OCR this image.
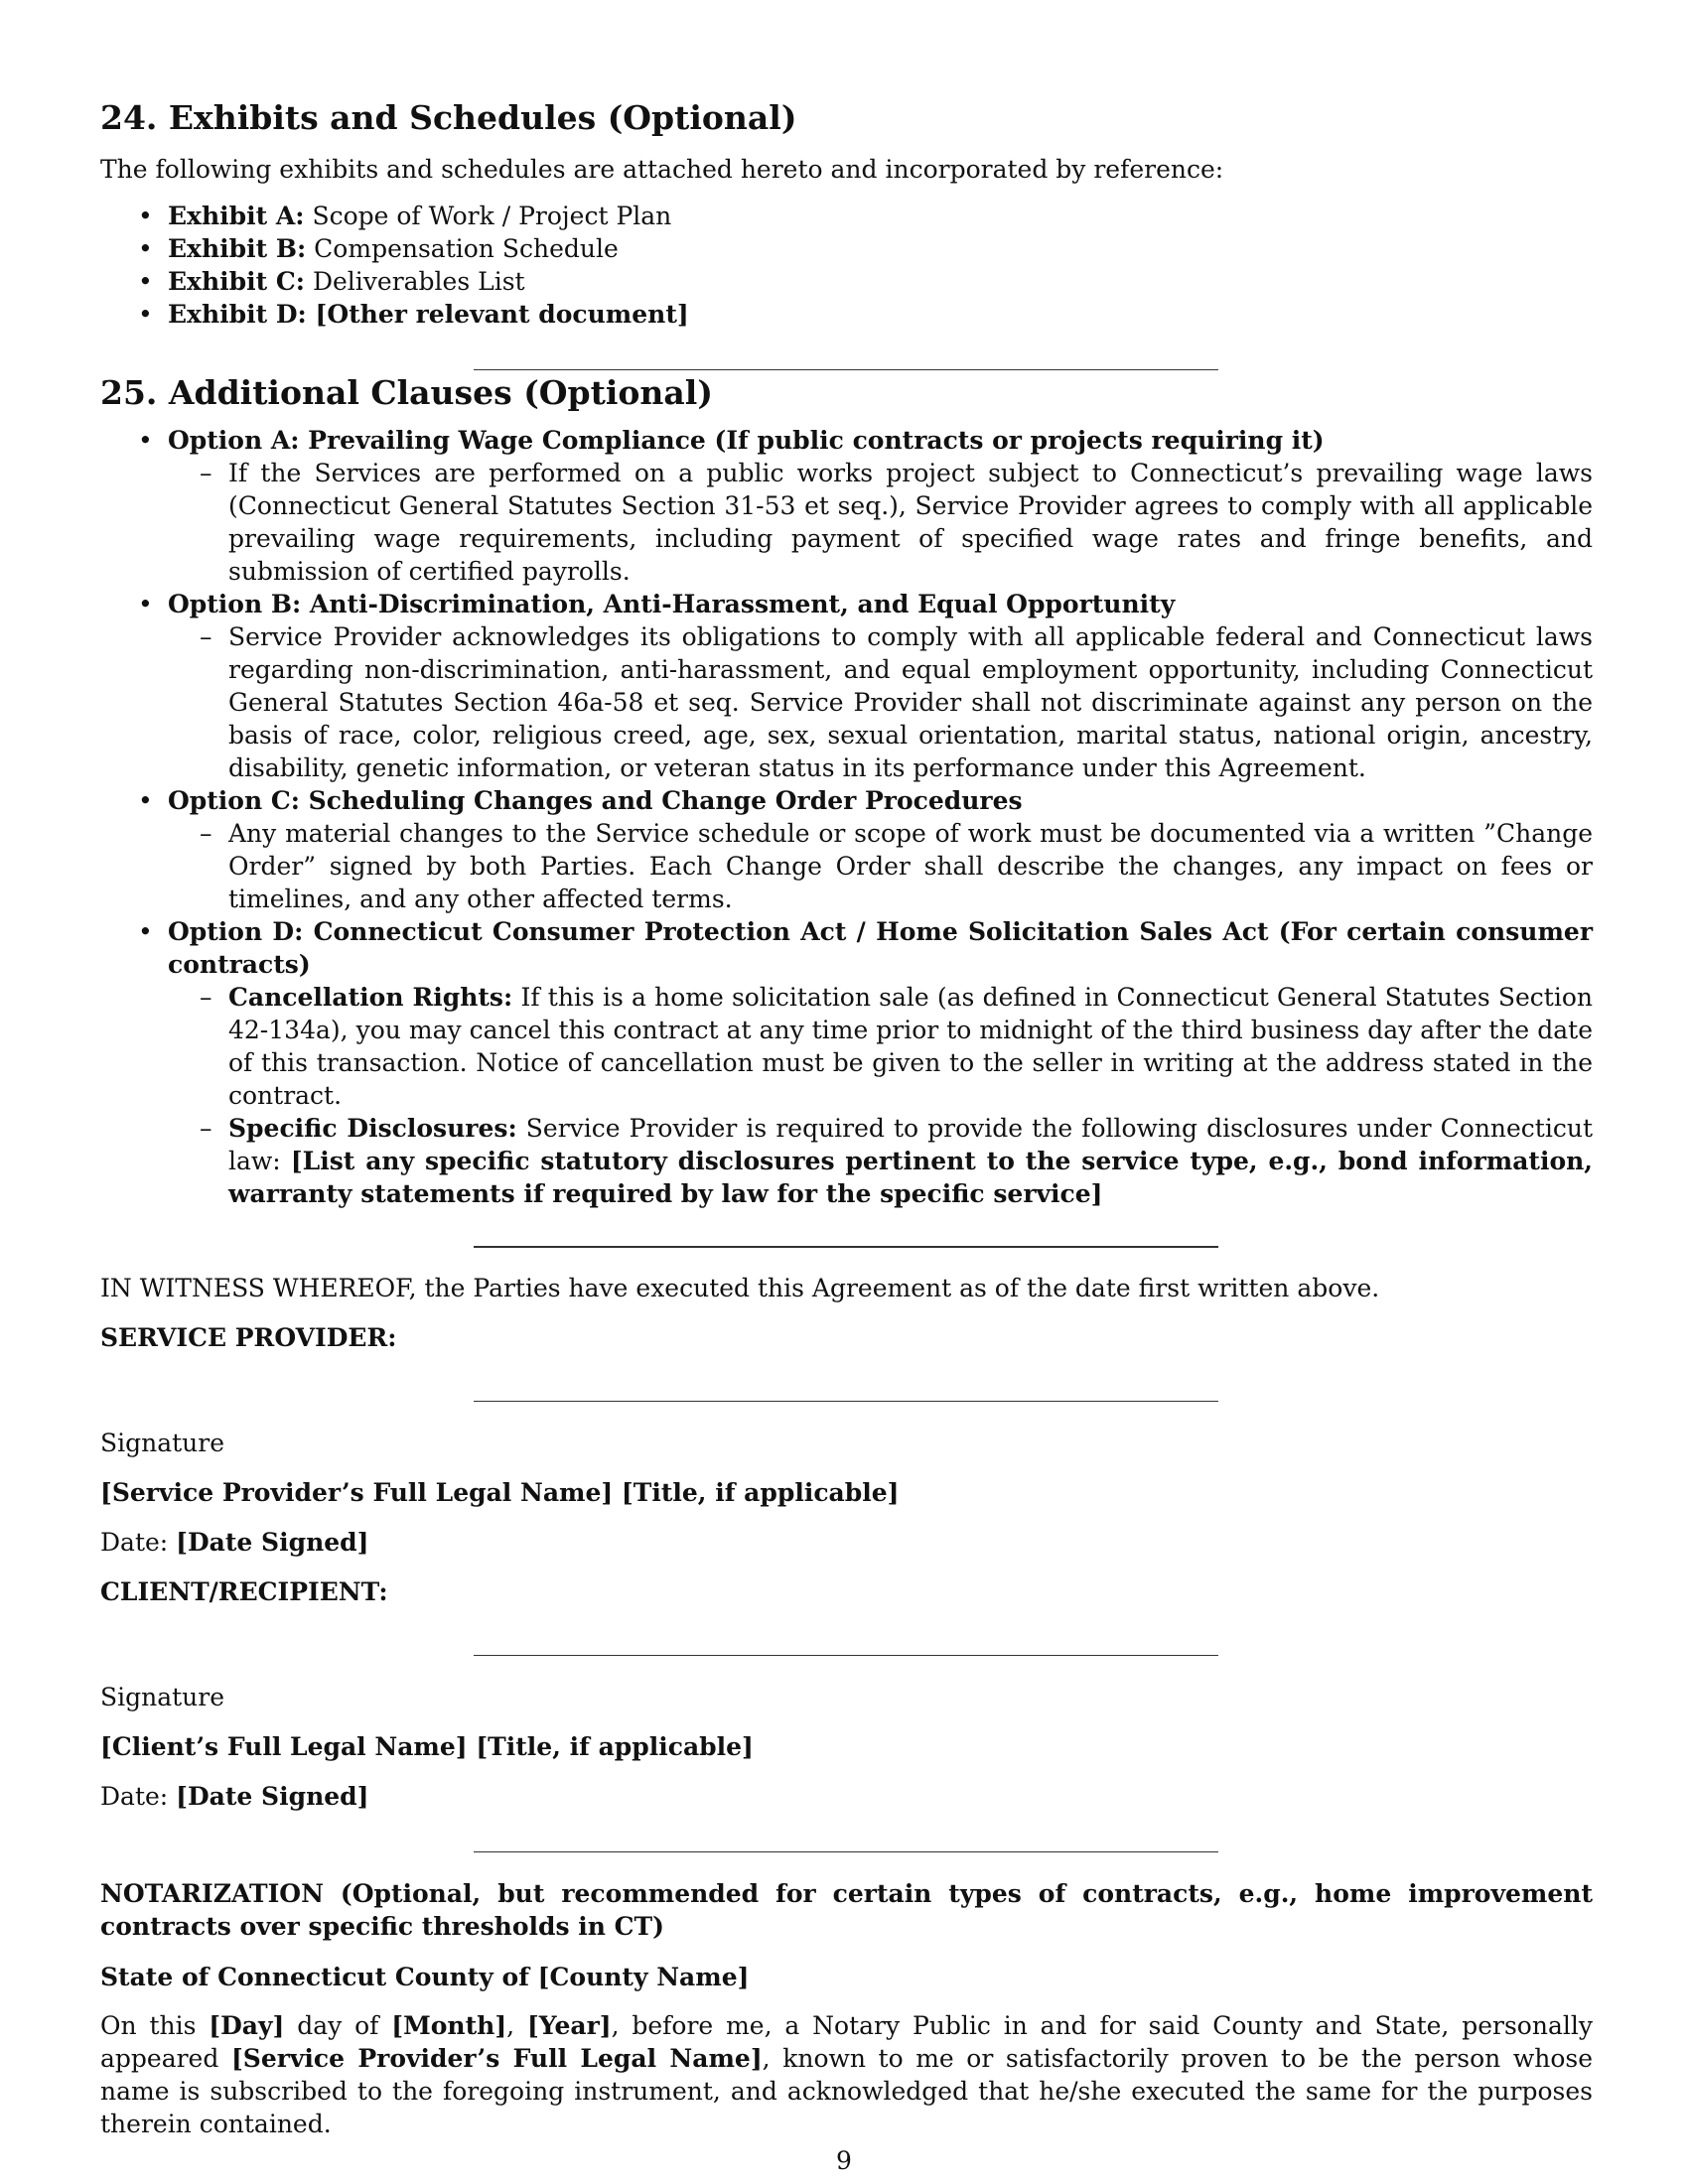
24. Exhibits and Schedules (Optional)

The following exhibits and schedules are attached hereto and incorporated by reference:

• Exhibit A: Scope of Work / Project Plan
• Exhibit B: Compensation Schedule
• Exhibit C: Deliverables List
• Exhibit D: [Other relevant document]
25. Additional Clauses (Optional)
• Option A: Prevailing Wage Compliance (If public contracts or projects requiring it)
– If the Services are performed on a public works project subject to Connecticut’s prevailing wage laws (Connecticut General Statutes Section 31-53 et seq.), Service Provider agrees to comply with all applicable prevailing wage requirements, including payment of specified wage rates and fringe benefits, and submission of certified payrolls.
• Option B: Anti-Discrimination, Anti-Harassment, and Equal Opportunity
– Service Provider acknowledges its obligations to comply with all applicable federal and Connecticut laws regarding non-discrimination, anti-harassment, and equal employment opportunity, including Connecticut General Statutes Section 46a-58 et seq. Service Provider shall not discriminate against any person on the basis of race, color, religious creed, age, sex, sexual orientation, marital status, national origin, ancestry, disability, genetic information, or veteran status in its performance under this Agreement.
• Option C: Scheduling Changes and Change Order Procedures
– Any material changes to the Service schedule or scope of work must be documented via a written ”Change Order” signed by both Parties. Each Change Order shall describe the changes, any impact on fees or timelines, and any other affected terms.

• Option D: Connecticut Consumer Protection Act / Home Solicitation Sales Act (For certain consumer contracts)

– Cancellation Rights: If this is a home solicitation sale (as defined in Connecticut General Statutes Section 42-134a), you may cancel this contract at any time prior to midnight of the third business day after the date of this transaction. Notice of cancellation must be given to the seller in writing at the address stated in the contract.
– Specific Disclosures: Service Provider is required to provide the following disclosures under Connecticut law: [List any specific statutory disclosures pertinent to the service type, e.g., bond information, warranty statements if required by law for the specific service]

IN WITNESS WHEREOF, the Parties have executed this Agreement as of the date first written above.

SERVICE PROVIDER:

Signature

[Service Provider’s Full Legal Name] [Title, if applicable]

Date: [Date Signed]

CLIENT/RECIPIENT:

Signature

[Client’s Full Legal Name] [Title, if applicable]

Date: [Date Signed]

NOTARIZATION (Optional, but recommended for certain types of contracts, e.g., home improvement contracts over specific thresholds in CT)

State of Connecticut County of [County Name]

On this [Day] day of [Month], [Year], before me, a Notary Public in and for said County and State, personally appeared [Service Provider’s Full Legal Name], known to me or satisfactorily proven to be the person whose name is subscribed to the foregoing instrument, and acknowledged that he/she executed the same for the purposes therein contained.

9
